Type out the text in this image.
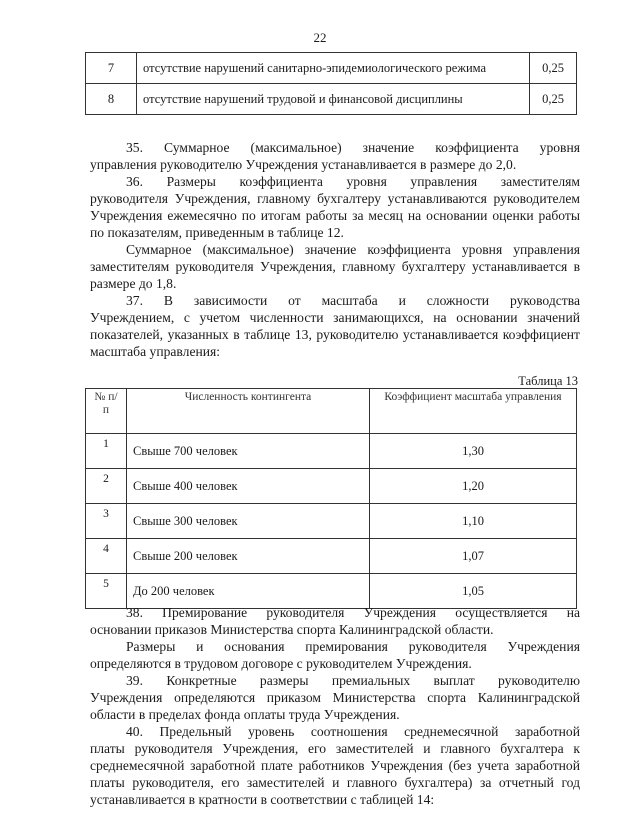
22
7	отсутствие нарушений санитарно-эпидемиологического режима	0,25
8	отсутствие нарушений трудовой и финансовой дисциплины	0,25

35. Суммарное (максимальное) значение коэффициента уровня

управления руководителю Учреждения устанавливается в размере до 2,0.

36. Размеры коэффициента уровня управления заместителям

руководителя Учреждения, главному бухгалтеру устанавливаются руководителем Учреждения ежемесячно по итогам работы за месяц на основании оценки работы по показателям, приведенным в таблице 12.

Суммарное (максимальное) значение коэффициента уровня управления

заместителям руководителя Учреждения, главному бухгалтеру устанавливается в размере до 1,8.

37. В зависимости от масштаба и сложности руководства

Учреждением, с учетом численности занимающихся, на основании значений показателей, указанных в таблице 13, руководителю устанавливается коэффициент масштаба управления:
Таблица 13
№ п/п	Численность контингента	Коэффициент масштаба управления
1	Свыше 700 человек	1,30
2	Свыше 400 человек	1,20
3	Свыше 300 человек	1,10
4	Свыше 200 человек	1,07
5	До 200 человек	1,05

38. Премирование руководителя Учреждения осуществляется на

основании приказов Министерства спорта Калининградской области.

Размеры и основания премирования руководителя Учреждения

определяются в трудовом договоре с руководителем Учреждения.

39. Конкретные размеры премиальных выплат руководителю

Учреждения определяются приказом Министерства спорта Калининградской области в пределах фонда оплаты труда Учреждения.

40. Предельный уровень соотношения среднемесячной заработной

платы руководителя Учреждения, его заместителей и главного бухгалтера к среднемесячной заработной плате работников Учреждения (без учета заработной платы руководителя, его заместителей и главного бухгалтера) за отчетный год устанавливается в кратности в соответствии с таблицей 14:
